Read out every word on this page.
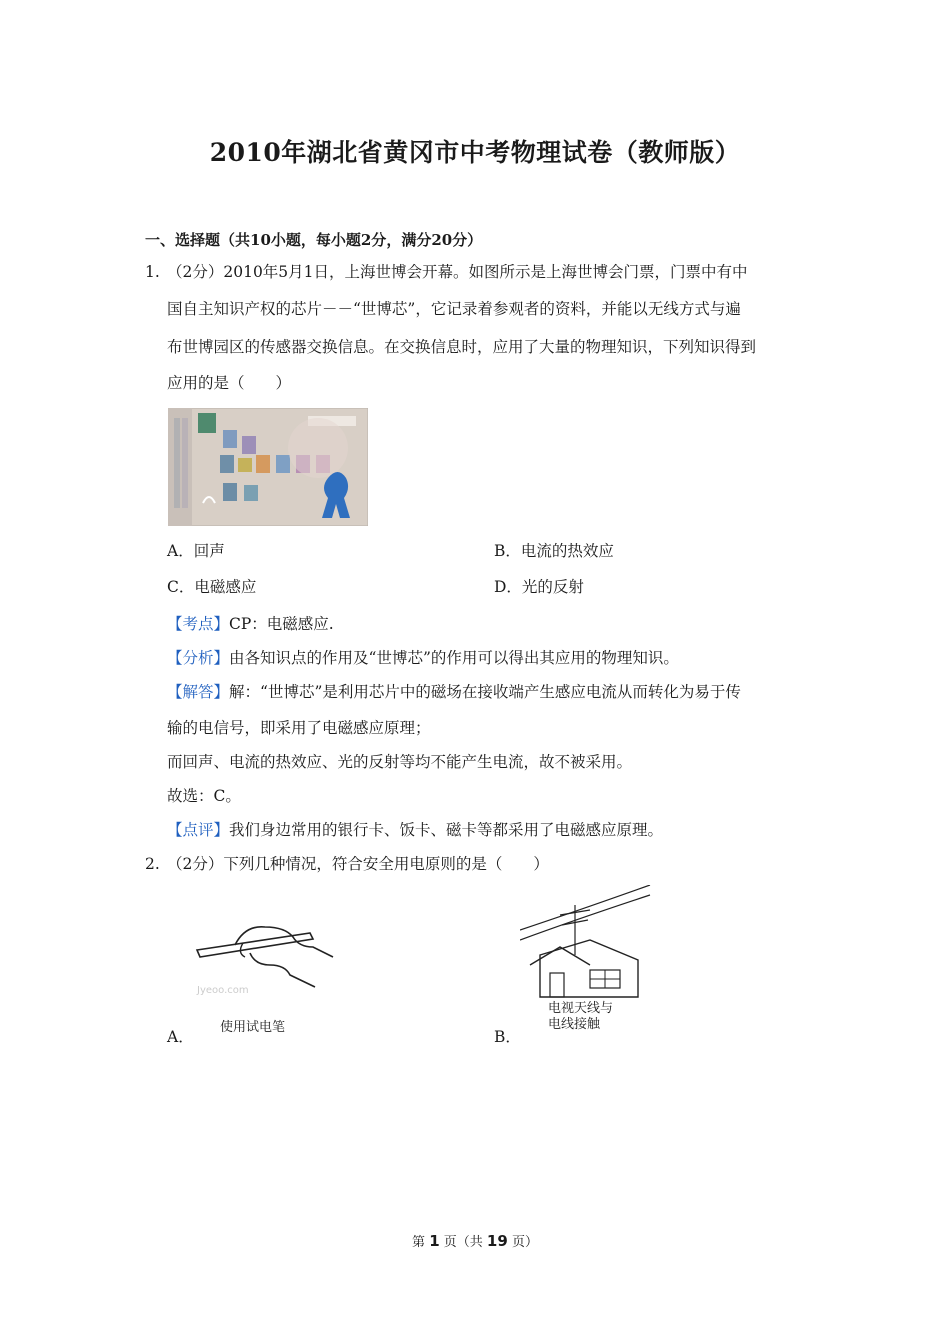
2010年湖北省黄冈市中考物理试卷（教师版）
一、选择题（共10小题，每小题2分，满分20分）
1. （2分）2010年5月1日，上海世博会开幕。如图所示是上海世博会门票，门票中有中
国自主知识产权的芯片－－“世博芯”，它记录着参观者的资料，并能以无线方式与遍
布世博园区的传感器交换信息。在交换信息时，应用了大量的物理知识，下列知识得到
应用的是（　　）
A．回声	B．电流的热效应
C．电磁感应	D．光的反射
【考点】CP：电磁感应.
【分析】由各知识点的作用及“世博芯”的作用可以得出其应用的物理知识。
【解答】解：“世博芯”是利用芯片中的磁场在接收端产生感应电流从而转化为易于传
输的电信号，即采用了电磁感应原理；
而回声、电流的热效应、光的反射等均不能产生电流，故不被采用。
故选：C。
【点评】我们身边常用的银行卡、饭卡、磁卡等都采用了电磁感应原理。
2. （2分）下列几种情况，符合安全用电原则的是（　　）
Jyeoo.com
使用试电笔
A．
电视天线与
电线接触
B．
第 1 页（共 19 页）
